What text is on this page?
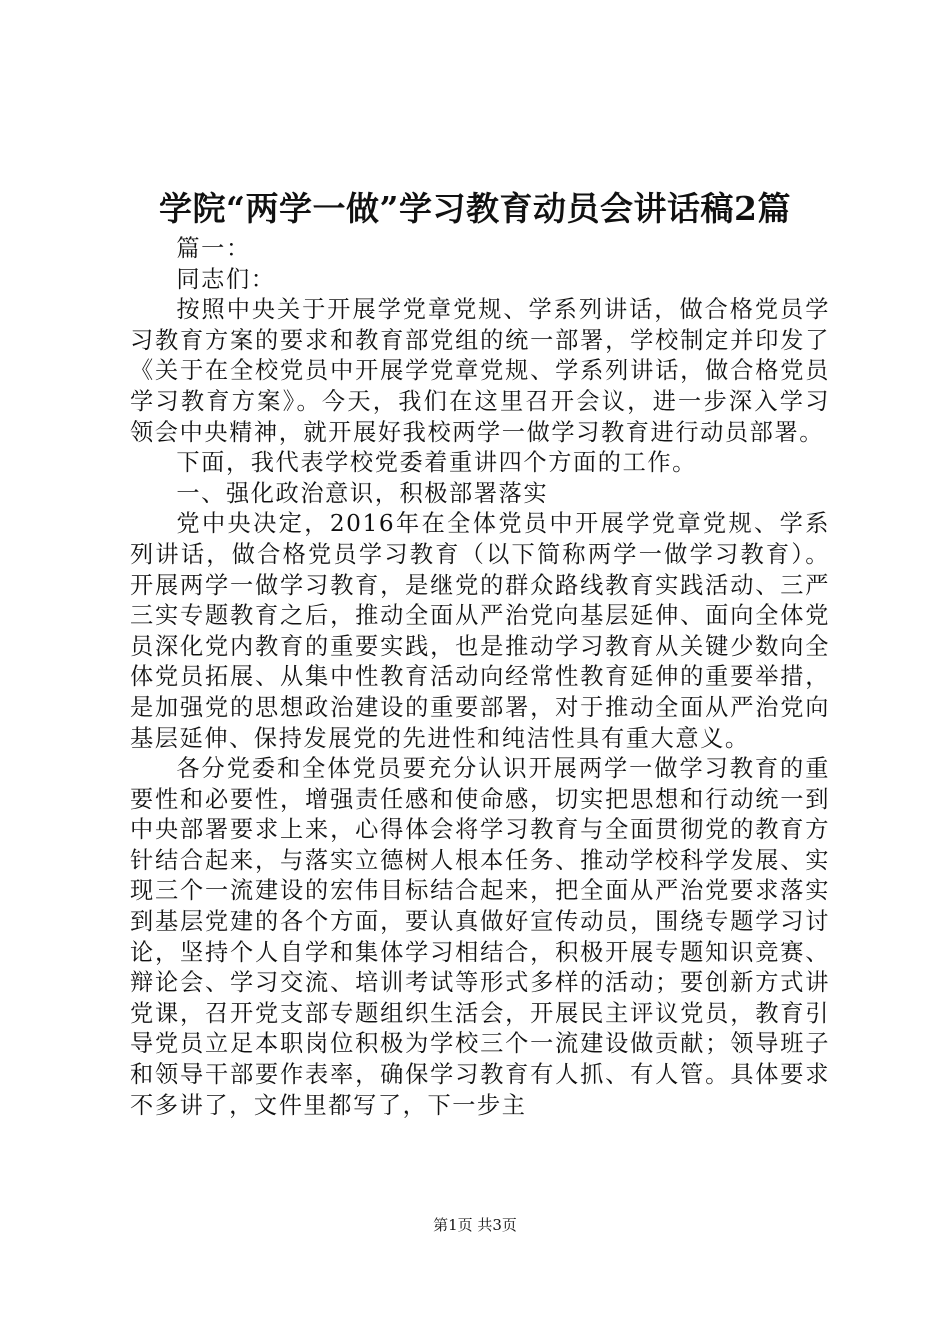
学院“两学一做”学习教育动员会讲话稿2篇

篇一：

同志们：

按照中央关于开展学党章党规、学系列讲话，做合格党员学习教育方案的要求和教育部党组的统一部署，学校制定并印发了《关于在全校党员中开展学党章党规、学系列讲话，做合格党员学习教育方案》。今天，我们在这里召开会议，进一步深入学习领会中央精神，就开展好我校两学一做学习教育进行动员部署。

下面，我代表学校党委着重讲四个方面的工作。

一、强化政治意识，积极部署落实

党中央决定，2016年在全体党员中开展学党章党规、学系列讲话，做合格党员学习教育（以下简称两学一做学习教育）。开展两学一做学习教育，是继党的群众路线教育实践活动、三严三实专题教育之后，推动全面从严治党向基层延伸、面向全体党员深化党内教育的重要实践，也是推动学习教育从关键少数向全体党员拓展、从集中性教育活动向经常性教育延伸的重要举措，是加强党的思想政治建设的重要部署，对于推动全面从严治党向基层延伸、保持发展党的先进性和纯洁性具有重大意义。

各分党委和全体党员要充分认识开展两学一做学习教育的重要性和必要性，增强责任感和使命感，切实把思想和行动统一到中央部署要求上来，心得体会将学习教育与全面贯彻党的教育方针结合起来，与落实立德树人根本任务、推动学校科学发展、实现三个一流建设的宏伟目标结合起来，把全面从严治党要求落实到基层党建的各个方面，要认真做好宣传动员，围绕专题学习讨论，坚持个人自学和集体学习相结合，积极开展专题知识竞赛、辩论会、学习交流、培训考试等形式多样的活动；要创新方式讲党课，召开党支部专题组织生活会，开展民主评议党员，教育引导党员立足本职岗位积极为学校三个一流建设做贡献；领导班子和领导干部要作表率，确保学习教育有人抓、有人管。具体要求不多讲了，文件里都写了，下一步主

第1页 共3页
